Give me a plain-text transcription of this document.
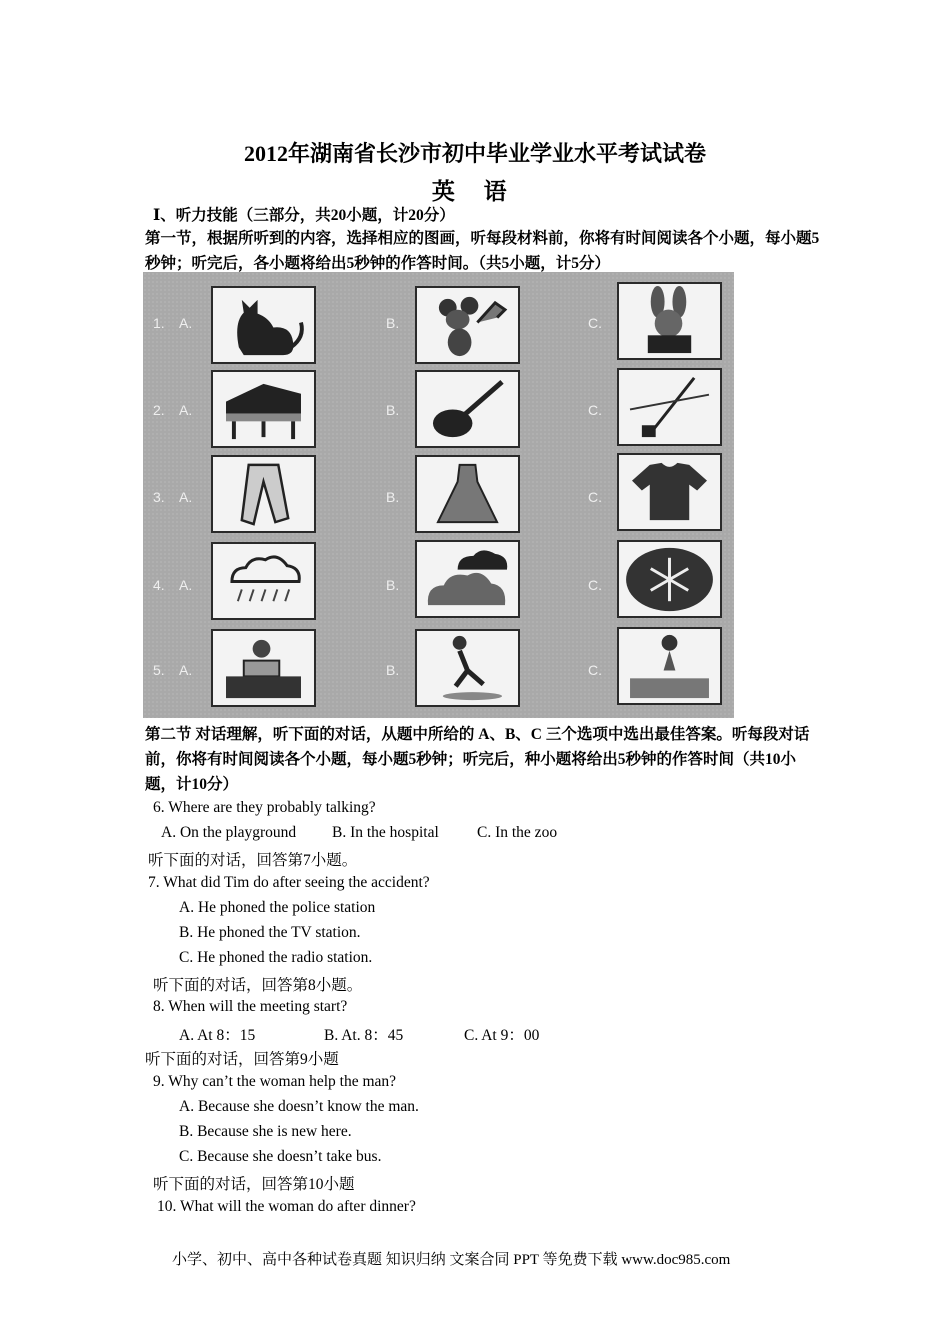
2012年湖南省长沙市初中毕业学业水平考试试卷
英 语
Ⅰ、听力技能（三部分，共20小题，计20分）
第一节，根据所听到的内容，选择相应的图画，听每段材料前，你将有时间阅读各个小题，每小题5秒钟；听完后，各小题将给出5秒钟的作答时间。（共5小题，计5分）
1. A.	B.	C.
2. A.	B.	C.
3. A.	B.	C.
4. A.	B.	C.
5. A.	B.	C.
第二节 对话理解，听下面的对话，从题中所给的 A、B、C 三个选项中选出最佳答案。听每段对话前，你将有时间阅读各个小题，每小题5秒钟；听完后，种小题将给出5秒钟的作答时间（共10小题，计10分）
6. Where are they probably talking?
A. On the playground B. In the hospital C. In the zoo
听下面的对话，回答第7小题。
7. What did Tim do after seeing the accident?
A. He phoned the police station
B. He phoned the TV station.
C. He phoned the radio station.
听下面的对话，回答第8小题。
8. When will the meeting start?
A. At 8：15	B. At. 8：45	C. At 9：00
听下面的对话，回答第9小题
9. Why can’t the woman help the man?
A. Because she doesn’t know the man.
B. Because she is new here.
C. Because she doesn’t take bus.
听下面的对话，回答第10小题
10. What will the woman do after dinner?
小学、初中、高中各种试卷真题 知识归纳 文案合同 PPT 等免费下载 www.doc985.com
